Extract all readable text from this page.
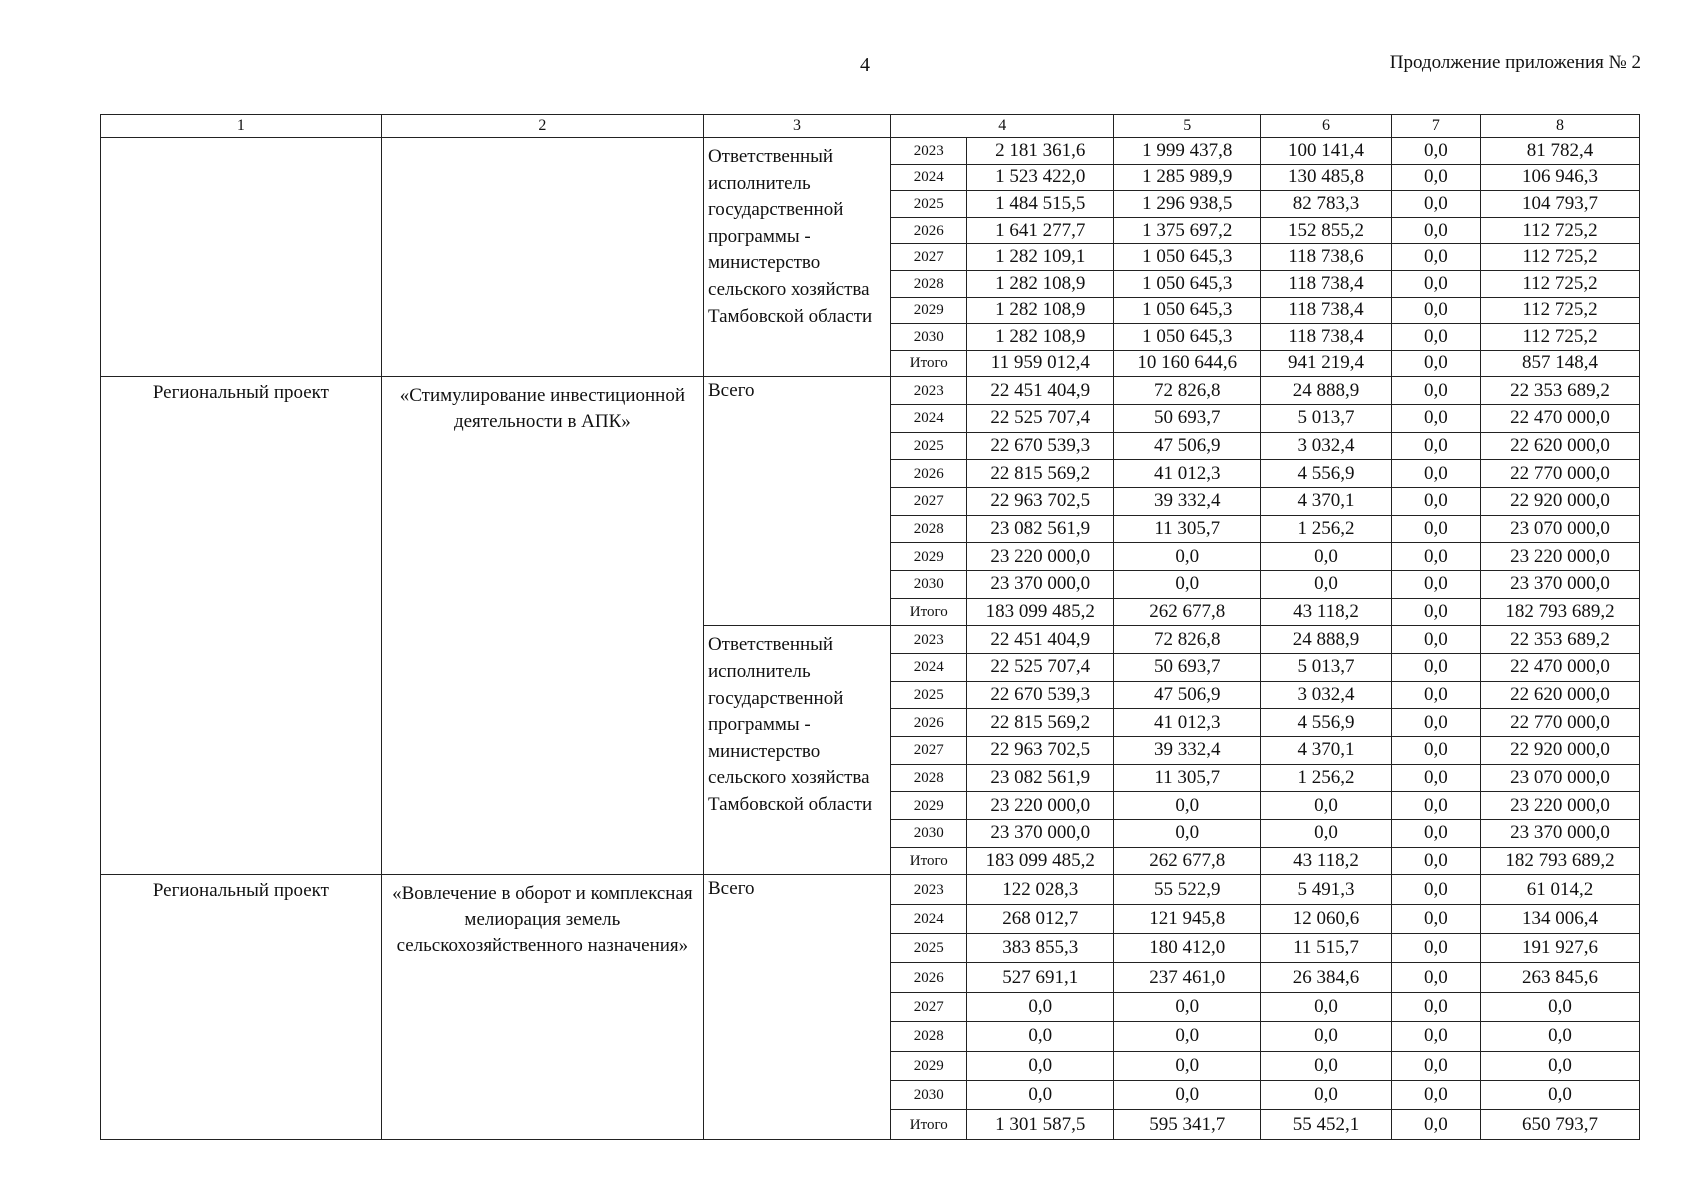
4	Продолжение приложения № 2
1	2	3	4		5	6	7	8
		Ответственный исполнитель государственной программы - министерство сельского хозяйства Тамбовской области	2023	2 181 361,6	1 999 437,8	100 141,4	0,0	81 782,4
			2024	1 523 422,0	1 285 989,9	130 485,8	0,0	106 946,3
			2025	1 484 515,5	1 296 938,5	82 783,3	0,0	104 793,7
			2026	1 641 277,7	1 375 697,2	152 855,2	0,0	112 725,2
			2027	1 282 109,1	1 050 645,3	118 738,6	0,0	112 725,2
			2028	1 282 108,9	1 050 645,3	118 738,4	0,0	112 725,2
			2029	1 282 108,9	1 050 645,3	118 738,4	0,0	112 725,2
			2030	1 282 108,9	1 050 645,3	118 738,4	0,0	112 725,2
			Итого	11 959 012,4	10 160 644,6	941 219,4	0,0	857 148,4
Региональный проект	«Стимулирование инвестиционной деятельности в АПК»	Всего	2023	22 451 404,9	72 826,8	24 888,9	0,0	22 353 689,2
			2024	22 525 707,4	50 693,7	5 013,7	0,0	22 470 000,0
			2025	22 670 539,3	47 506,9	3 032,4	0,0	22 620 000,0
			2026	22 815 569,2	41 012,3	4 556,9	0,0	22 770 000,0
			2027	22 963 702,5	39 332,4	4 370,1	0,0	22 920 000,0
			2028	23 082 561,9	11 305,7	1 256,2	0,0	23 070 000,0
			2029	23 220 000,0	0,0	0,0	0,0	23 220 000,0
			2030	23 370 000,0	0,0	0,0	0,0	23 370 000,0
			Итого	183 099 485,2	262 677,8	43 118,2	0,0	182 793 689,2
		Ответственный исполнитель государственной программы - министерство сельского хозяйства Тамбовской области	2023	22 451 404,9	72 826,8	24 888,9	0,0	22 353 689,2
			2024	22 525 707,4	50 693,7	5 013,7	0,0	22 470 000,0
			2025	22 670 539,3	47 506,9	3 032,4	0,0	22 620 000,0
			2026	22 815 569,2	41 012,3	4 556,9	0,0	22 770 000,0
			2027	22 963 702,5	39 332,4	4 370,1	0,0	22 920 000,0
			2028	23 082 561,9	11 305,7	1 256,2	0,0	23 070 000,0
			2029	23 220 000,0	0,0	0,0	0,0	23 220 000,0
			2030	23 370 000,0	0,0	0,0	0,0	23 370 000,0
			Итого	183 099 485,2	262 677,8	43 118,2	0,0	182 793 689,2
Региональный проект	«Вовлечение в оборот и комплексная мелиорация земель сельскохозяйственного назначения»	Всего	2023	122 028,3	55 522,9	5 491,3	0,0	61 014,2
			2024	268 012,7	121 945,8	12 060,6	0,0	134 006,4
			2025	383 855,3	180 412,0	11 515,7	0,0	191 927,6
			2026	527 691,1	237 461,0	26 384,6	0,0	263 845,6
			2027	0,0	0,0	0,0	0,0	0,0
			2028	0,0	0,0	0,0	0,0	0,0
			2029	0,0	0,0	0,0	0,0	0,0
			2030	0,0	0,0	0,0	0,0	0,0
			Итого	1 301 587,5	595 341,7	55 452,1	0,0	650 793,7
